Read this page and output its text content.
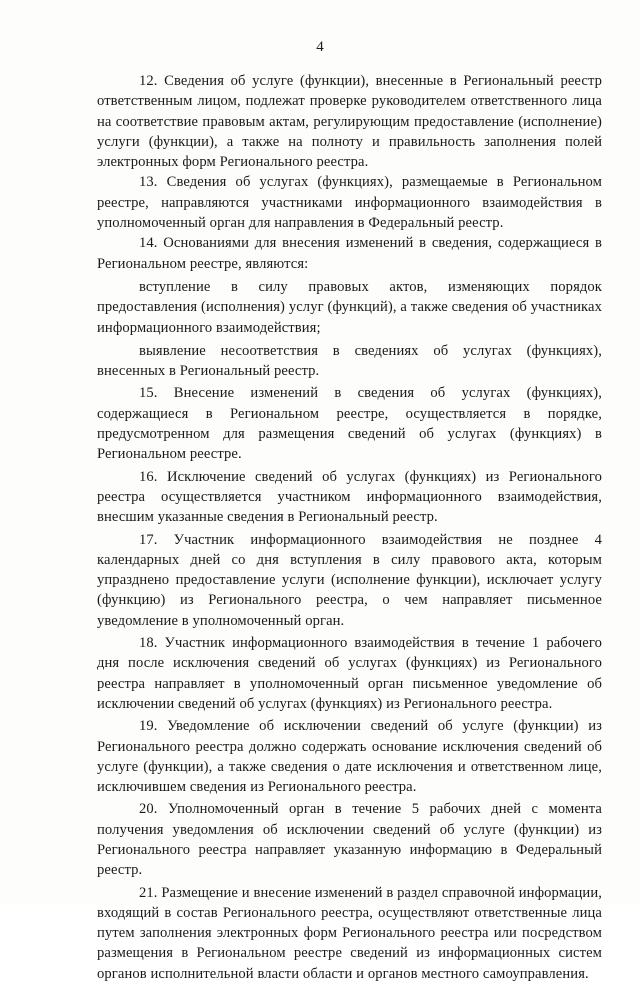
4

12. Сведения об услуге (функции), внесенные в Региональный реестр ответственным лицом, подлежат проверке руководителем ответственного лица на соответствие правовым актам, регулирующим предоставление (исполнение) услуги (функции), а также на полноту и правильность заполнения полей электронных форм Регионального реестра.

13. Сведения об услугах (функциях), размещаемые в Региональном реестре, направляются участниками информационного взаимодействия в уполномоченный орган для направления в Федеральный реестр.

14. Основаниями для внесения изменений в сведения, содержащиеся в Региональном реестре, являются:

вступление в силу правовых актов, изменяющих порядок предоставления (исполнения) услуг (функций), а также сведения об участниках информационного взаимодействия;

выявление несоответствия в сведениях об услугах (функциях), внесенных в Региональный реестр.

15. Внесение изменений в сведения об услугах (функциях), содержащиеся в Региональном реестре, осуществляется в порядке, предусмотренном для размещения сведений об услугах (функциях) в Региональном реестре.

16. Исключение сведений об услугах (функциях) из Регионального реестра осуществляется участником информационного взаимодействия, внесшим указанные сведения в Региональный реестр.

17. Участник информационного взаимодействия не позднее 4 календарных дней со дня вступления в силу правового акта, которым упразднено предоставление услуги (исполнение функции), исключает услугу (функцию) из Регионального реестра, о чем направляет письменное уведомление в уполномоченный орган.

18. Участник информационного взаимодействия в течение 1 рабочего дня после исключения сведений об услугах (функциях) из Регионального реестра направляет в уполномоченный орган письменное уведомление об исключении сведений об услугах (функциях) из Регионального реестра.

19. Уведомление об исключении сведений об услуге (функции) из Регионального реестра должно содержать основание исключения сведений об услуге (функции), а также сведения о дате исключения и ответственном лице, исключившем сведения из Регионального реестра.

20. Уполномоченный орган в течение 5 рабочих дней с момента получения уведомления об исключении сведений об услуге (функции) из Регионального реестра направляет указанную информацию в Федеральный реестр.

21. Размещение и внесение изменений в раздел справочной информации, входящий в состав Регионального реестра, осуществляют ответственные лица путем заполнения электронных форм Регионального реестра или посредством размещения в Региональном реестре сведений из информационных систем органов исполнительной власти области и органов местного самоуправления.
